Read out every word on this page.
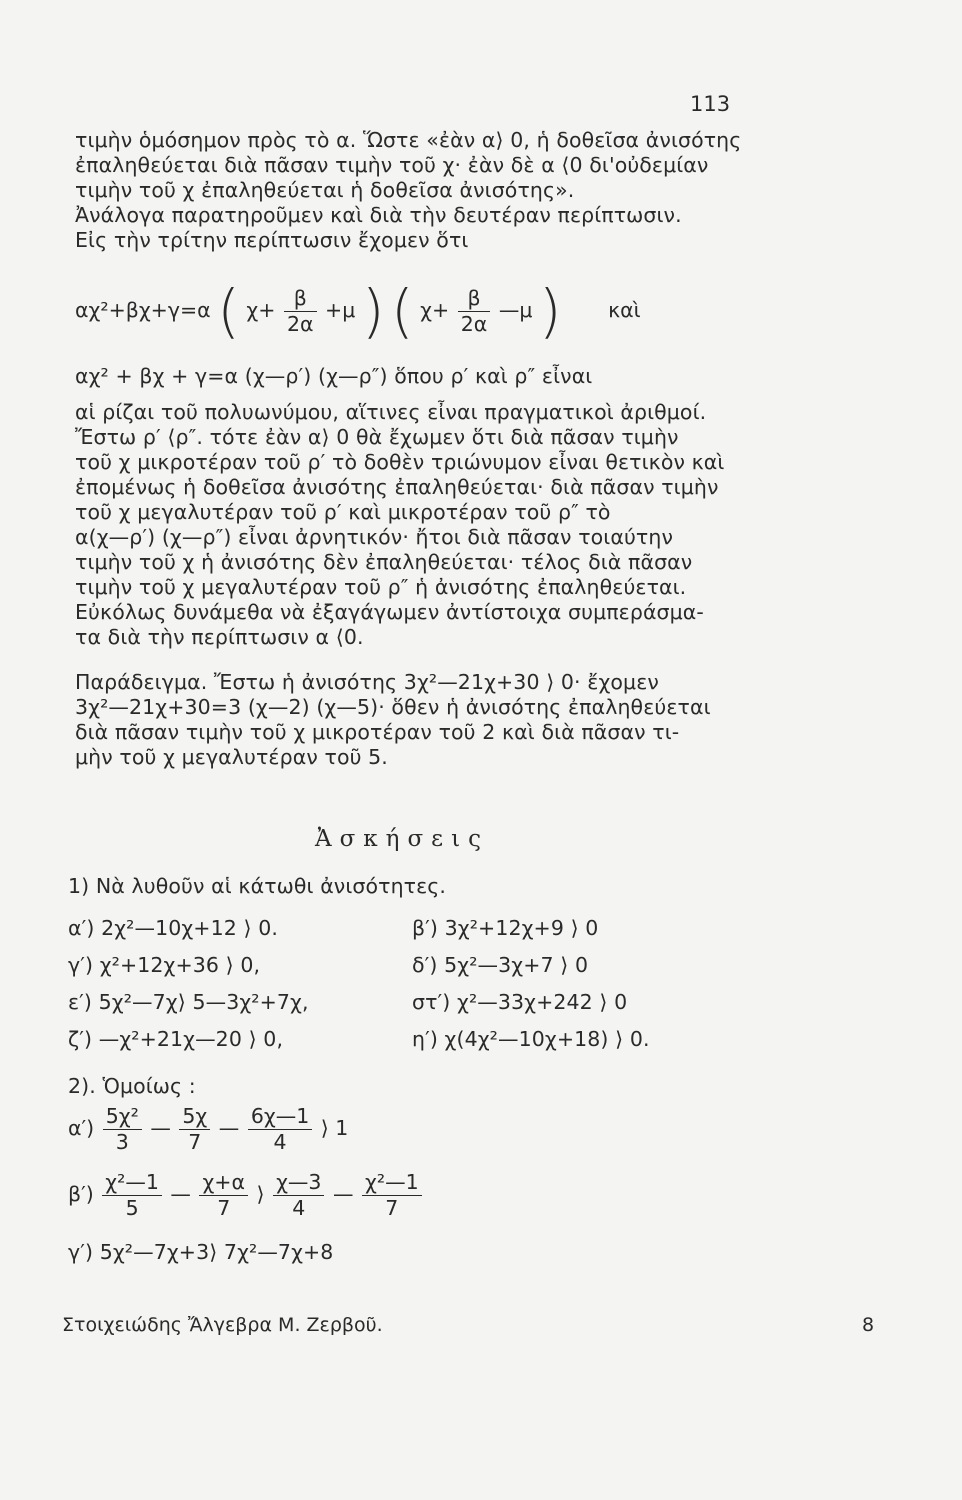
113
τιμὴν ὁμόσημον πρὸς τὸ α. Ὥστε «ἐὰν α⟩ 0, ἡ δοθεῖσα ἀνισότης
ἐπαληθεύεται διὰ πᾶσαν τιμὴν τοῦ χ· ἐὰν δὲ α ⟨0 δι'οὐδεμίαν
τιμὴν τοῦ χ ἐπαληθεύεται ἡ δοθεῖσα ἀνισότης».
Ἀνάλογα παρατηροῦμεν καὶ διὰ τὴν δευτέραν περίπτωσιν.
Εἰς τὴν τρίτην περίπτωσιν ἔχομεν ὅτι
αχ²+βχ+γ=α ( $\chi+ \frac{\beta}{2\alpha} +\mu$ ) ( $\chi+ \frac{\beta}{2\alpha}$ —μ ) καὶ
αχ² + βχ + γ=α (χ—ρ′) (χ—ρ″) ὅπου ρ′ καὶ ρ″ εἶναι
αἱ ρίζαι τοῦ πολυωνύμου, αἵτινες εἶναι πραγματικοὶ ἀριθμοί.
Ἔστω ρ′ ⟨ρ″. τότε ἐὰν α⟩ 0 θὰ ἔχωμεν ὅτι διὰ πᾶσαν τιμὴν
τοῦ χ μικροτέραν τοῦ ρ′ τὸ δοθὲν τριώνυμον εἶναι θετικὸν καὶ
ἐπομένως ἡ δοθεῖσα ἀνισότης ἐπαληθεύεται· διὰ πᾶσαν τιμὴν
τοῦ χ μεγαλυτέραν τοῦ ρ′ καὶ μικροτέραν τοῦ ρ″ τὸ
α(χ—ρ′) (χ—ρ″) εἶναι ἀρνητικόν· ἤτοι διὰ πᾶσαν τοιαύτην
τιμὴν τοῦ χ ἡ ἀνισότης δὲν ἐπαληθεύεται· τέλος διὰ πᾶσαν
τιμὴν τοῦ χ μεγαλυτέραν τοῦ ρ″ ἡ ἀνισότης ἐπαληθεύεται.
Εὐκόλως δυνάμεθα νὰ ἐξαγάγωμεν ἀντίστοιχα συμπεράσμα-
τα διὰ τὴν περίπτωσιν α ⟨0.
Παράδειγμα. Ἔστω ἡ ἀνισότης 3χ²—21χ+30 ⟩ 0· ἔχομεν
3χ²—21χ+30=3 (χ—2) (χ—5)· ὅθεν ἡ ἀνισότης ἐπαληθεύεται
διὰ πᾶσαν τιμὴν τοῦ χ μικροτέραν τοῦ 2 καὶ διὰ πᾶσαν τι-
μὴν τοῦ χ μεγαλυτέραν τοῦ 5.
Ἀσκήσεις
1) Νὰ λυθοῦν αἱ κάτωθι ἀνισότητες.
α′) 2χ²—10χ+12 ⟩ 0.	β′) 3χ²+12χ+9 ⟩ 0
γ′) χ²+12χ+36 ⟩ 0,	δ′) 5χ²—3χ+7 ⟩ 0
ε′) 5χ²—7χ⟩ 5—3χ²+7χ,	στ′) χ²—33χ+242 ⟩ 0
ζ′) —χ²+21χ—20 ⟩ 0,	η′) χ(4χ²—10χ+18) ⟩ 0.
2). Ὁμοίως :
$\alpha') \frac{\text{5χ²}}{3}$ — $\frac{5\chi}{7}$ — $\frac{6\chi—1}{4}$ ⟩ 1
$\beta') \frac{\text{χ²—1}}{5}$ — $\frac{\chi+\alpha}{7}$ ⟩ $\frac{\chi—3}{4}$ — $\frac{\text{χ²—1}}{7}$
γ′) 5χ²—7χ+3⟩ 7χ²—7χ+8
Στοιχειώδης Ἄλγεβρα Μ. Ζερβοῦ.	8
